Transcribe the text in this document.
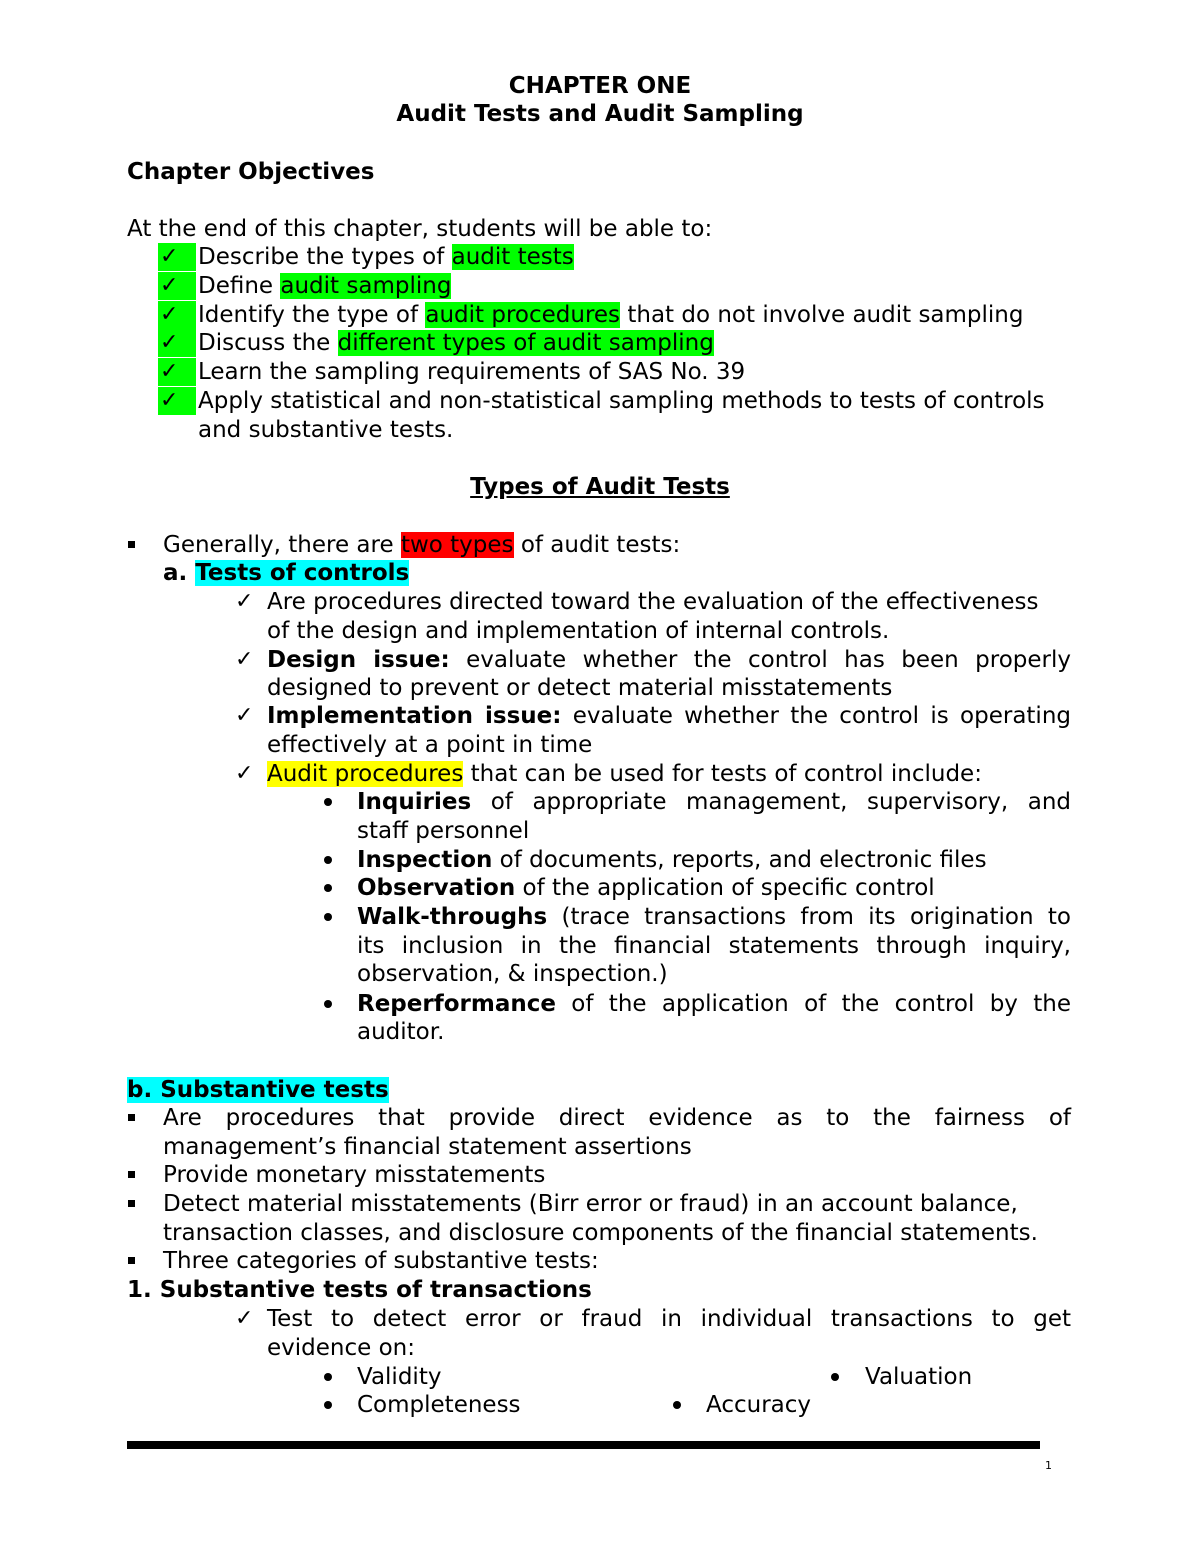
CHAPTER ONE
Audit Tests and Audit Sampling
Chapter Objectives
At the end of this chapter, students will be able to:
✓ Describe the types of audit tests
✓ Define audit sampling
✓ Identify the type of audit procedures that do not involve audit sampling
✓ Discuss the different types of audit sampling
✓ Learn the sampling requirements of SAS No. 39
✓ Apply statistical and non-statistical sampling methods to tests of controls
and substantive tests.
Types of Audit Tests
Generally, there are two types of audit tests:
a. Tests of controls
✓ Are procedures directed toward the evaluation of the effectiveness
of the design and implementation of internal controls.
✓ Design issue: evaluate whether the control has been properly
designed to prevent or detect material misstatements
✓ Implementation issue: evaluate whether the control is operating
effectively at a point in time
✓ Audit procedures that can be used for tests of control include:
Inquiries of appropriate management, supervisory, and
staff personnel
Inspection of documents, reports, and electronic files
Observation of the application of specific control
Walk-throughs (trace transactions from its origination to
its inclusion in the financial statements through inquiry,
observation, & inspection.)
Reperformance of the application of the control by the
auditor.
b. Substantive tests
Are procedures that provide direct evidence as to the fairness of
management’s financial statement assertions
Provide monetary misstatements
Detect material misstatements (Birr error or fraud) in an account balance,
transaction classes, and disclosure components of the financial statements.
Three categories of substantive tests:
1. Substantive tests of transactions
✓ Test to detect error or fraud in individual transactions to get
evidence on:
Validity	Valuation
Completeness	Accuracy
1
